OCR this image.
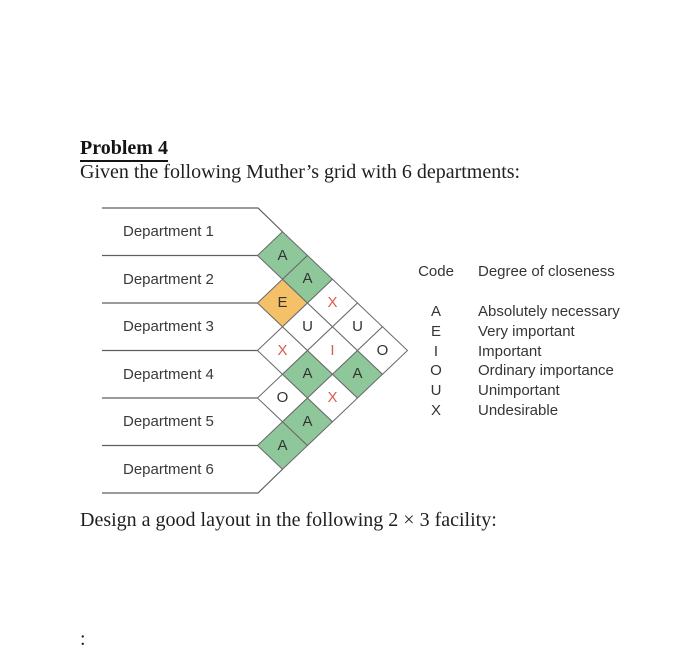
Problem 4
Given the following Muther’s grid with 6 departments:
A
E
X
O
A
A
U
A
A
X
I
X
U
A
O
Department 1
Department 2
Department 3
Department 4
Department 5
Department 6
Code Degree of closeness
A	Absolutely necessary
E	Very important
I	Important
O	Ordinary importance
U	Unimportant
X	Undesirable
Design a good layout in the following 2 × 3 facility:
:
